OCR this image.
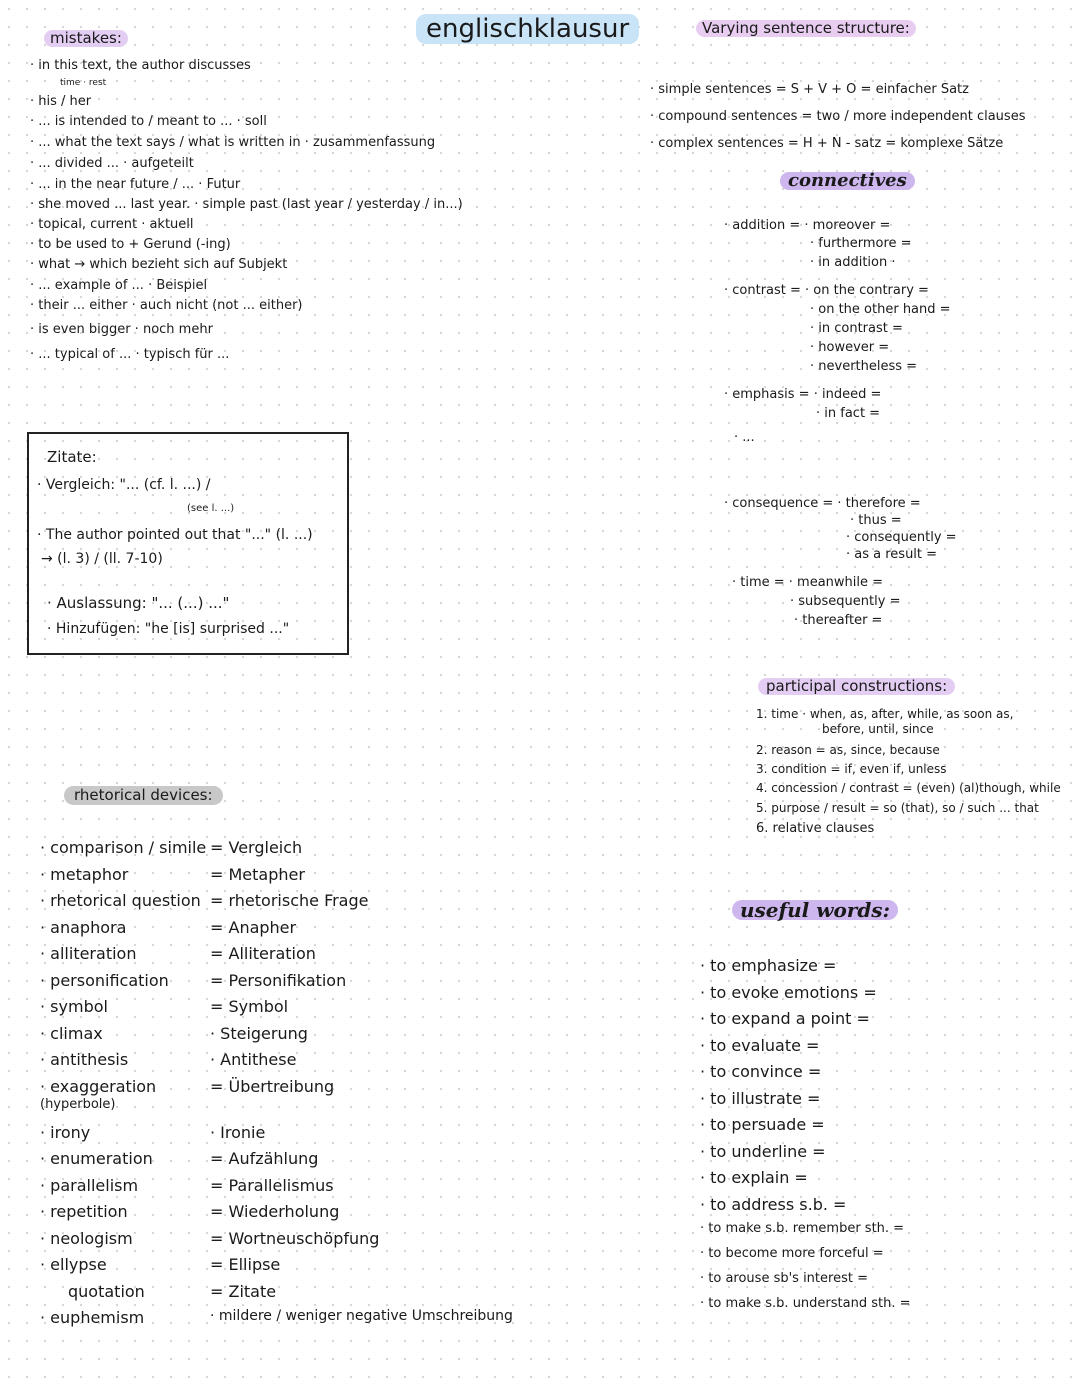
englischklausur
mistakes:
· in this text, the author discusses
time · rest
· his / her
· ... is intended to / meant to ... · soll
· ... what the text says / what is written in · zusammenfassung
· ... divided ... · aufgeteilt
· ... in the near future / ... · Futur
· she moved ... last year. · simple past (last year / yesterday / in...)
· topical, current · aktuell
· to be used to + Gerund (-ing)
· what → which bezieht sich auf Subjekt
· ... example of ... · Beispiel
· their ... either · auch nicht (not ... either)
· is even bigger · noch mehr
· ... typical of ... · typisch für ...
Zitate:
· Vergleich: "... (cf. l. ...) /
(see l. ...)
· The author pointed out that "..." (l. ...)
→ (l. 3) / (ll. 7-10)
· Auslassung: "... (...) ..."
· Hinzufügen: "he [is] surprised ..."
rhetorical devices:
· comparison / simile
· metaphor
· rhetorical question
· anaphora
· alliteration
· personification
· symbol
· climax
· antithesis
· exaggeration
(hyperbole)
· irony
· enumeration
· parallelism
· repetition
· neologism
· ellypse
quotation
· euphemism
= Vergleich
= Metapher
= rhetorische Frage
= Anapher
= Alliteration
= Personifikation
= Symbol
· Steigerung
· Antithese
= Übertreibung
· Ironie
= Aufzählung
= Parallelismus
= Wiederholung
= Wortneuschöpfung
= Ellipse
= Zitate
· mildere / weniger negative Umschreibung
Varying sentence structure:
· simple sentences = S + V + O = einfacher Satz
· compound sentences = two / more independent clauses
· complex sentences = H + N - satz = komplexe Sätze
connectives
· addition = · moreover =
· furthermore =
· in addition ·
· contrast = · on the contrary =
· on the other hand =
· in contrast =
· however =
· nevertheless =
· emphasis = · indeed =
· in fact =
· ...
· consequence = · therefore =
· thus =
· consequently =
· as a result =
· time = · meanwhile =
· subsequently =
· thereafter =
participal constructions:
1. time · when, as, after, while, as soon as,
before, until, since
2. reason = as, since, because
3. condition = if, even if, unless
4. concession / contrast = (even) (al)though, while
5. purpose / result = so (that), so / such ... that
6. relative clauses
useful words:
· to emphasize =
· to evoke emotions =
· to expand a point =
· to evaluate =
· to convince =
· to illustrate =
· to persuade =
· to underline =
· to explain =
· to address s.b. =
· to make s.b. remember sth. =
· to become more forceful =
· to arouse sb's interest =
· to make s.b. understand sth. =
